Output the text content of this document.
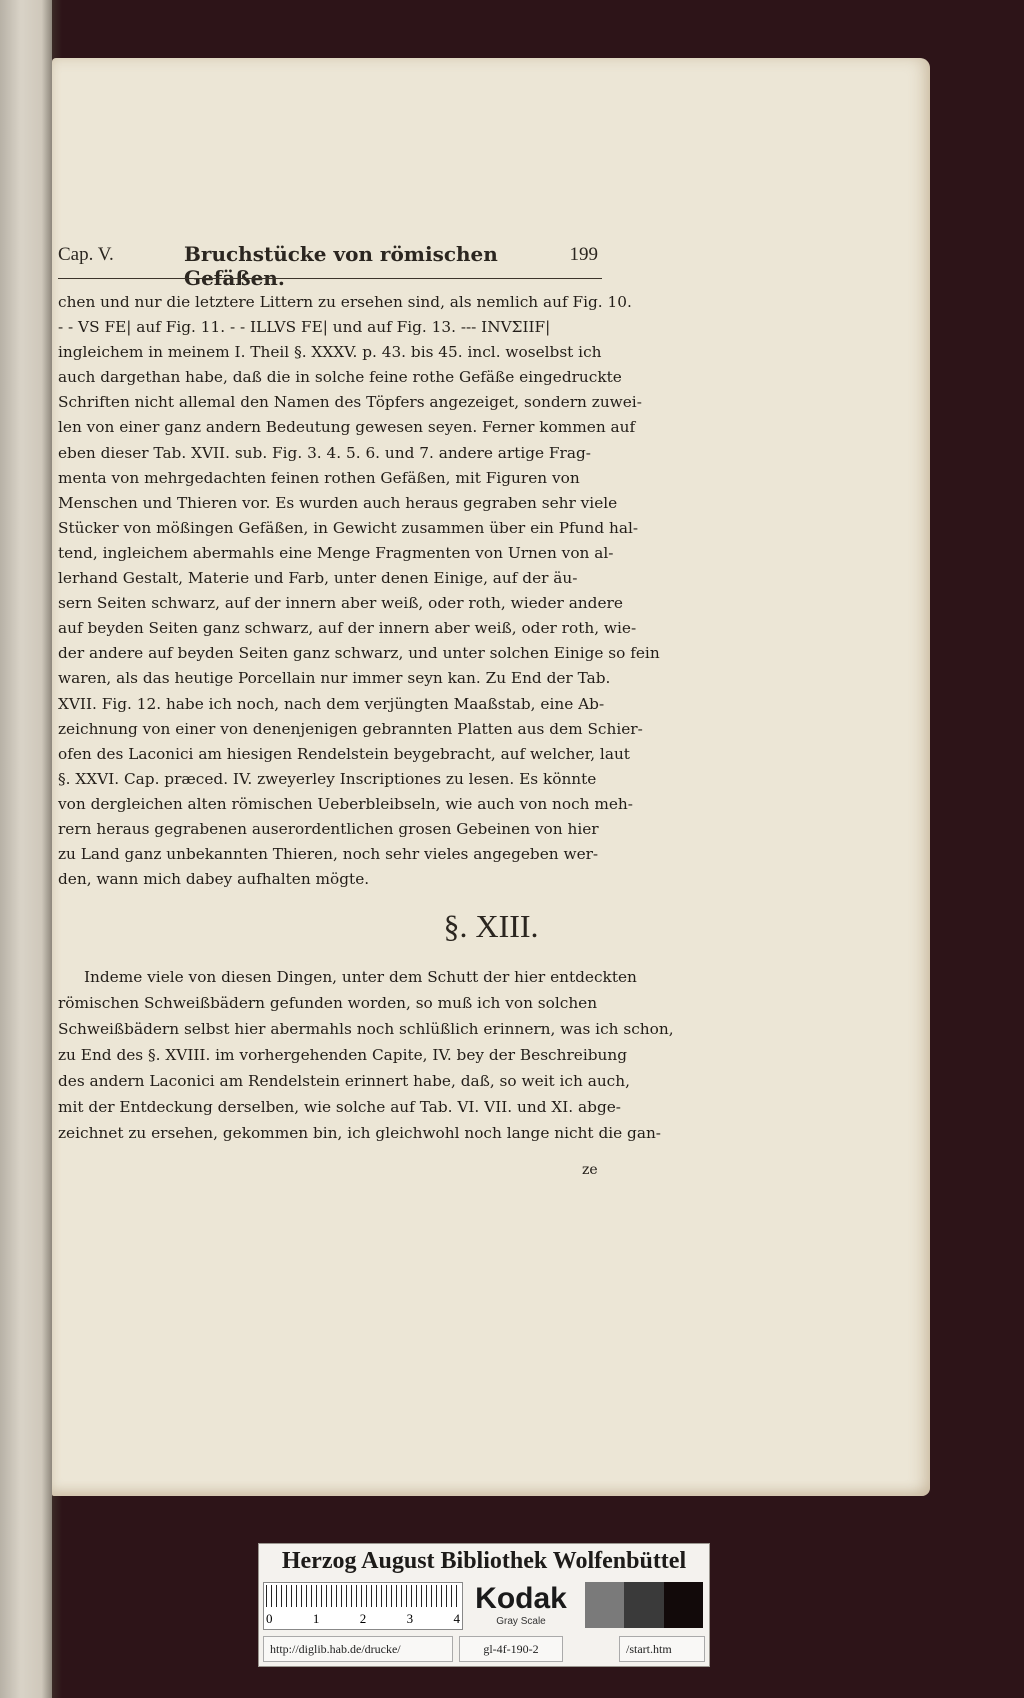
Cap. V.	Bruchstücke von römischen Gefäßen.
199

chen und nur die letztere Littern zu ersehen sind, als nemlich auf Fig. 10.

- - VS FE| auf Fig. 11. - - ILLVS FE| und auf Fig. 13. --- INVΣIIF|

ingleichem in meinem I. Theil §. XXXV. p. 43. bis 45. incl. woselbst ich

auch dargethan habe, daß die in solche feine rothe Gefäße eingedruckte

Schriften nicht allemal den Namen des Töpfers angezeiget, sondern zuwei-

len von einer ganz andern Bedeutung gewesen seyen. Ferner kommen auf

eben dieser Tab. XVII. sub. Fig. 3. 4. 5. 6. und 7. andere artige Frag-

menta von mehrgedachten feinen rothen Gefäßen, mit Figuren von

Menschen und Thieren vor. Es wurden auch heraus gegraben sehr viele

Stücker von mößingen Gefäßen, in Gewicht zusammen über ein Pfund hal-

tend, ingleichem abermahls eine Menge Fragmenten von Urnen von al-

lerhand Gestalt, Materie und Farb, unter denen Einige, auf der äu-

sern Seiten schwarz, auf der innern aber weiß, oder roth, wieder andere

auf beyden Seiten ganz schwarz, auf der innern aber weiß, oder roth, wie-

der andere auf beyden Seiten ganz schwarz, und unter solchen Einige so fein

waren, als das heutige Porcellain nur immer seyn kan. Zu End der Tab.

XVII. Fig. 12. habe ich noch, nach dem verjüngten Maaßstab, eine Ab-

zeichnung von einer von denenjenigen gebrannten Platten aus dem Schier-

ofen des Laconici am hiesigen Rendelstein beygebracht, auf welcher, laut

§. XXVI. Cap. præced. IV. zweyerley Inscriptiones zu lesen. Es könnte

von dergleichen alten römischen Ueberbleibseln, wie auch von noch meh-

rern heraus gegrabenen auserordentlichen grosen Gebeinen von hier

zu Land ganz unbekannten Thieren, noch sehr vieles angegeben wer-

den, wann mich dabey aufhalten mögte.

§. XIII.

Indeme viele von diesen Dingen, unter dem Schutt der hier entdeckten

römischen Schweißbädern gefunden worden, so muß ich von solchen

Schweißbädern selbst hier abermahls noch schlüßlich erinnern, was ich schon,

zu End des §. XVIII. im vorhergehenden Capite, IV. bey der Beschreibung

des andern Laconici am Rendelstein erinnert habe, daß, so weit ich auch,

mit der Entdeckung derselben, wie solche auf Tab. VI. VII. und XI. abge-

zeichnet zu ersehen, gekommen bin, ich gleichwohl noch lange nicht die gan-

ze
Herzog August Bibliothek Wolfenbüttel
0	1	2	3	4
Kodak
Gray Scale
http://diglib.hab.de/drucke/	gl-4f-190-2	/start.htm
